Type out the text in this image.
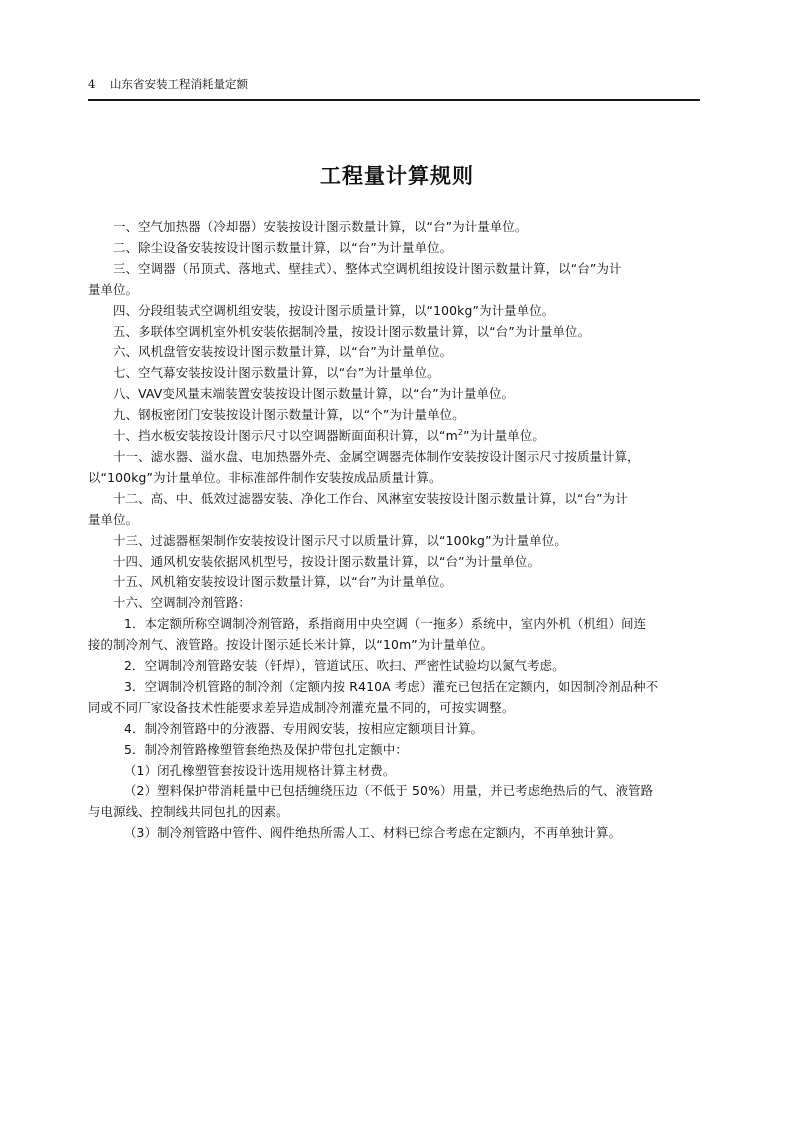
4 山东省安装工程消耗量定额
工程量计算规则

一、空气加热器（冷却器）安装按设计图示数量计算，以“台”为计量单位。

二、除尘设备安装按设计图示数量计算，以“台”为计量单位。

三、空调器（吊顶式、落地式、壁挂式）、整体式空调机组按设计图示数量计算，以“台”为计

量单位。

四、分段组装式空调机组安装，按设计图示质量计算，以“100kg”为计量单位。

五、多联体空调机室外机安装依据制冷量，按设计图示数量计算，以“台”为计量单位。

六、风机盘管安装按设计图示数量计算，以“台”为计量单位。

七、空气幕安装按设计图示数量计算，以“台”为计量单位。

八、VAV变风量末端装置安装按设计图示数量计算，以“台”为计量单位。

九、钢板密闭门安装按设计图示数量计算，以“个”为计量单位。

十、挡水板安装按设计图示尺寸以空调器断面面积计算，以“$m^2$”为计量单位。

十一、滤水器、溢水盘、电加热器外壳、金属空调器壳体制作安装按设计图示尺寸按质量计算，

以“100kg”为计量单位。非标准部件制作安装按成品质量计算。

十二、高、中、低效过滤器安装、净化工作台、风淋室安装按设计图示数量计算，以“台”为计

量单位。

十三、过滤器框架制作安装按设计图示尺寸以质量计算，以“100kg”为计量单位。

十四、通风机安装依据风机型号，按设计图示数量计算，以“台”为计量单位。

十五、风机箱安装按设计图示数量计算，以“台”为计量单位。

十六、空调制冷剂管路：

1．本定额所称空调制冷剂管路，系指商用中央空调（一拖多）系统中，室内外机（机组）间连

接的制冷剂气、液管路。按设计图示延长米计算，以“10m”为计量单位。

2．空调制冷剂管路安装（钎焊），管道试压、吹扫、严密性试验均以氮气考虑。

3．空调制冷机管路的制冷剂（定额内按 R410A 考虑）灌充已包括在定额内，如因制冷剂品种不

同或不同厂家设备技术性能要求差异造成制冷剂灌充量不同的，可按实调整。

4．制冷剂管路中的分液器、专用阀安装，按相应定额项目计算。

5．制冷剂管路橡塑管套绝热及保护带包扎定额中：

（1）闭孔橡塑管套按设计选用规格计算主材费。

（2）塑料保护带消耗量中已包括缠绕压边（不低于 50%）用量，并已考虑绝热后的气、液管路

与电源线、控制线共同包扎的因素。

（3）制冷剂管路中管件、阀件绝热所需人工、材料已综合考虑在定额内，不再单独计算。
